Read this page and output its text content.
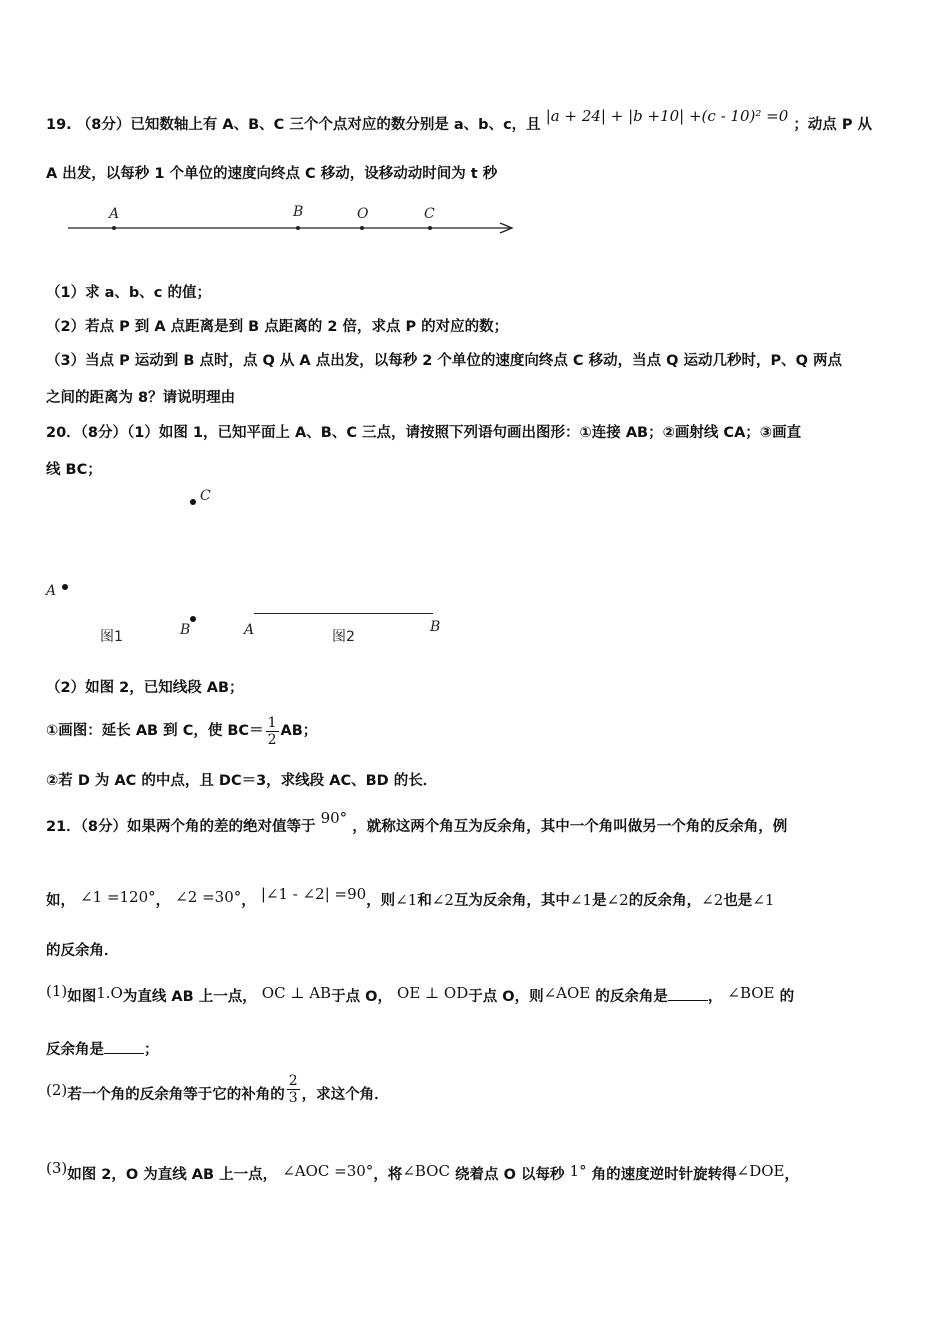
19. （8分）已知数轴上有 A、B、C 三个个点对应的数分别是 a、b、c，且 |a + 24| + |b +10| +(c - 10)² =0 ；动点 P 从
A 出发，以每秒 1 个单位的速度向终点 C 移动，设移动动时间为 t 秒
A	B	O	C
（1）求 a、b、c 的值；
（2）若点 P 到 A 点距离是到 B 点距离的 2 倍，求点 P 的对应的数；
（3）当点 P 运动到 B 点时，点 Q 从 A 点出发，以每秒 2 个单位的速度向终点 C 移动，当点 Q 运动几秒时，P、Q 两点
之间的距离为 8？请说明理由
20．（8分）（1）如图 1，已知平面上 A、B、C 三点，请按照下列语句画出图形：①连接 AB；②画射线 CA；③画直
线 BC；
C
A
B
图1	A	B
图2
（2）如图 2，已知线段 AB；
①画图：延长 AB 到 C，使 $BC= \frac{1}{2}$ AB；
②若 D 为 AC 的中点，且 DC＝3，求线段 AC、BD 的长．
21．（8分）如果两个角的差的绝对值等于 90° ，就称这两个角互为反余角，其中一个角叫做另一个角的反余角，例
如， ∠1 =120°， ∠2 =30°， |∠1 - ∠2| =90，则∠1和∠2互为反余角，其中∠1是∠2的反余角，∠2也是∠1
的反余角．
(1)如图1.O为直线 AB 上一点， OC ⊥ AB于点 O， OE ⊥ OD于点 O，则∠AOE 的反余角是	， ∠BOE 的
反余角是	；
(2)若一个角的反余角等于它的补角的 $\frac{2}{3}$ ，求这个角．
(3)如图 2，O 为直线 AB 上一点， ∠AOC =30°，将∠BOC 绕着点 O 以每秒 1° 角的速度逆时针旋转得∠DOE，
